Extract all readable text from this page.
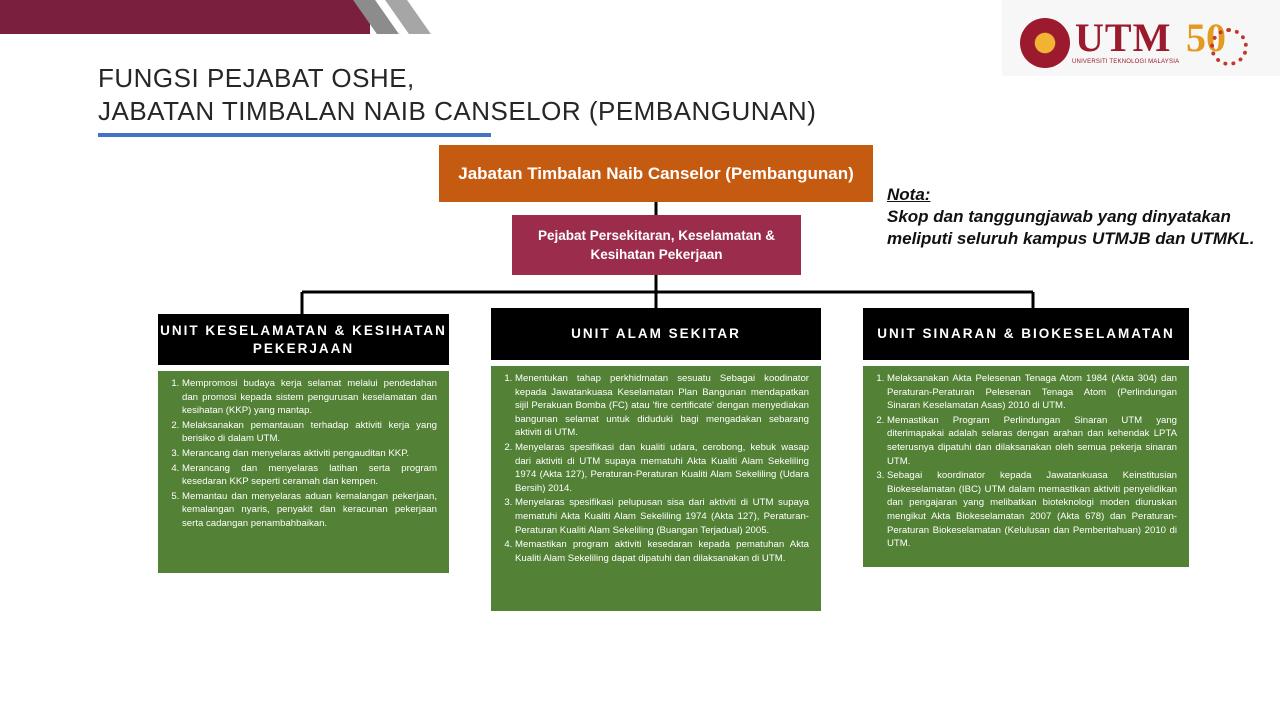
UTM
UNIVERSITI TEKNOLOGI MALAYSIA
50
FUNGSI PEJABAT OSHE,
JABATAN TIMBALAN NAIB CANSELOR (PEMBANGUNAN)
Jabatan Timbalan Naib Canselor (Pembangunan)
Pejabat Persekitaran, Keselamatan & Kesihatan Pekerjaan
UNIT KESELAMATAN & KESIHATAN PEKERJAAN
1. Mempromosi budaya kerja selamat melalui pendedahan dan promosi kepada sistem pengurusan keselamatan dan kesihatan (KKP) yang mantap.
2. Melaksanakan pemantauan terhadap aktiviti kerja yang berisiko di dalam UTM.
3. Merancang dan menyelaras aktiviti pengauditan KKP.
4. Merancang dan menyelaras latihan serta program kesedaran KKP seperti ceramah dan kempen.
5. Memantau dan menyelaras aduan kemalangan pekerjaan, kemalangan nyaris, penyakit dan keracunan pekerjaan serta cadangan penambahbaikan.
UNIT ALAM SEKITAR
1. Menentukan tahap perkhidmatan sesuatu Sebagai koodinator kepada Jawatankuasa Keselamatan Plan Bangunan mendapatkan sijil Perakuan Bomba (FC) atau 'fire certificate' dengan menyediakan bangunan selamat untuk diduduki bagi mengadakan sebarang aktiviti di UTM.
2. Menyelaras spesifikasi dan kualiti udara, cerobong, kebuk wasap dari aktiviti di UTM supaya mematuhi Akta Kualiti Alam Sekeliling 1974 (Akta 127), Peraturan-Peraturan Kualiti Alam Sekeliling (Udara Bersih) 2014.
3. Menyelaras spesifikasi pelupusan sisa dari aktiviti di UTM supaya mematuhi Akta Kualiti Alam Sekeliling 1974 (Akta 127), Peraturan-Peraturan Kualiti Alam Sekeliling (Buangan Terjadual) 2005.
4. Memastikan program aktiviti kesedaran kepada pematuhan Akta Kualiti Alam Sekeliling dapat dipatuhi dan dilaksanakan di UTM.
UNIT SINARAN & BIOKESELAMATAN
1. Melaksanakan Akta Pelesenan Tenaga Atom 1984 (Akta 304) dan Peraturan-Peraturan Pelesenan Tenaga Atom (Perlindungan Sinaran Keselamatan Asas) 2010 di UTM.
2. Memastikan Program Perlindungan Sinaran UTM yang diterimapakai adalah selaras dengan arahan dan kehendak LPTA seterusnya dipatuhi dan dilaksanakan oleh semua pekerja sinaran UTM.
3. Sebagai koordinator kepada Jawatankuasa Keinstitusian Biokeselamatan (IBC) UTM dalam memastikan aktiviti penyelidikan dan pengajaran yang melibatkan bioteknologi moden diuruskan mengikut Akta Biokeselamatan 2007 (Akta 678) dan Peraturan-Peraturan Biokeselamatan (Kelulusan dan Pemberitahuan) 2010 di UTM.
Nota:
Skop dan tanggungjawab yang dinyatakan
meliputi seluruh kampus UTMJB dan UTMKL.
